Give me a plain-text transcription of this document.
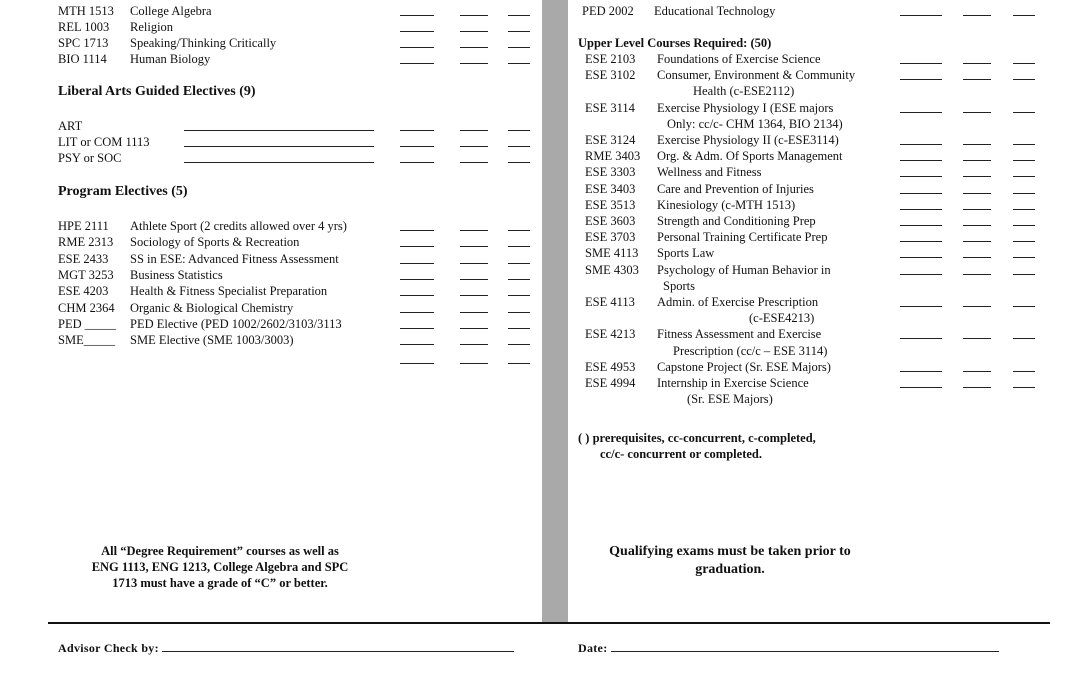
MTH 1513 College Algebra
REL 1003 Religion
SPC 1713 Speaking/Thinking Critically
BIO 1114 Human Biology
Liberal Arts Guided Electives (9)
ART
LIT or COM 1113
PSY or SOC
Program Electives (5)
HPE 2111 Athlete Sport (2 credits allowed over 4 yrs)
RME 2313 Sociology of Sports & Recreation
ESE 2433 SS in ESE: Advanced Fitness Assessment
MGT 3253 Business Statistics
ESE 4203 Health & Fitness Specialist Preparation
CHM 2364 Organic & Biological Chemistry
PED _____ PED Elective (PED 1002/2602/3103/3113
SME_____ SME Elective (SME 1003/3003)
All “Degree Requirement” courses as well as
ENG 1113, ENG 1213, College Algebra and SPC
1713 must have a grade of “C” or better.
PED 2002 Educational Technology
Upper Level Courses Required: (50)
ESE 2103 Foundations of Exercise Science
ESE 3102 Consumer, Environment & Community
Health (c-ESE2112)
ESE 3114 Exercise Physiology I (ESE majors
Only: cc/c- CHM 1364, BIO 2134)
ESE 3124 Exercise Physiology II (c-ESE3114)
RME 3403 Org. & Adm. Of Sports Management
ESE 3303 Wellness and Fitness
ESE 3403 Care and Prevention of Injuries
ESE 3513 Kinesiology (c-MTH 1513)
ESE 3603 Strength and Conditioning Prep
ESE 3703 Personal Training Certificate Prep
SME 4113 Sports Law
SME 4303 Psychology of Human Behavior in
Sports
ESE 4113 Admin. of Exercise Prescription
(c-ESE4213)
ESE 4213 Fitness Assessment and Exercise
Prescription (cc/c – ESE 3114)
ESE 4953 Capstone Project (Sr. ESE Majors)
ESE 4994 Internship in Exercise Science
(Sr. ESE Majors)
( ) prerequisites, cc-concurrent, c-completed,
cc/c- concurrent or completed.
Qualifying exams must be taken prior to
graduation.
Advisor Check by:	Date:
